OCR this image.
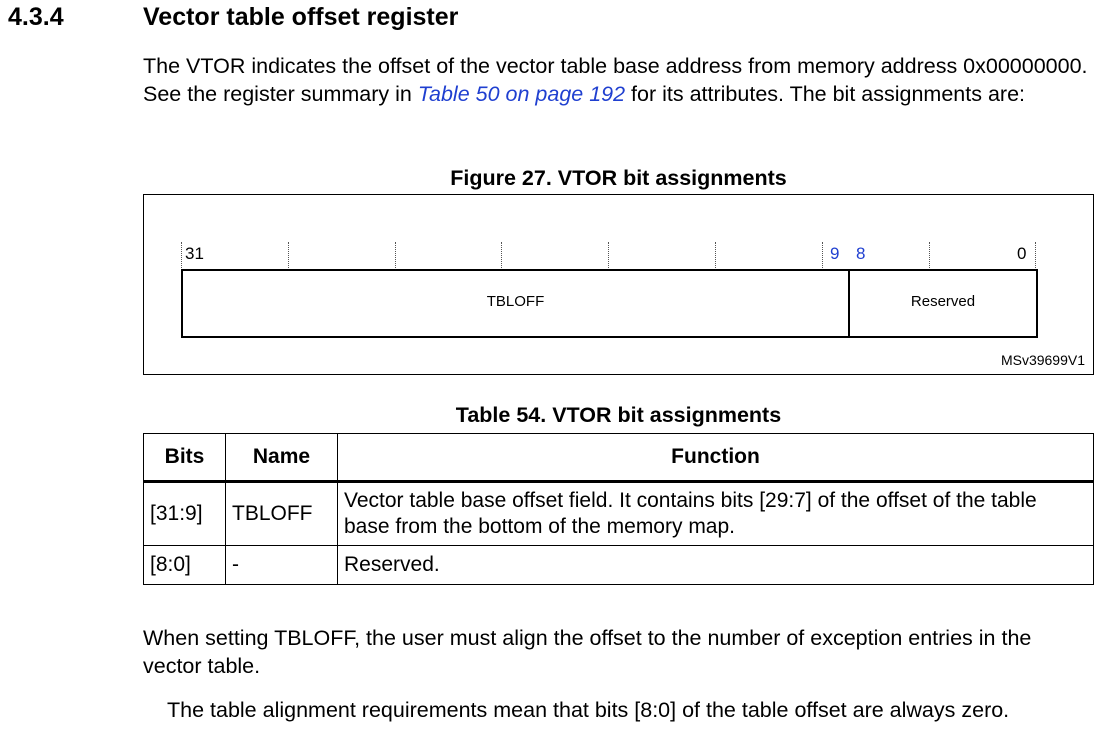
4.3.4	Vector table offset register
The VTOR indicates the offset of the vector table base address from memory address 0x00000000. See the register summary in Table 50 on page 192 for its attributes. The bit assignments are:
Figure 27. VTOR bit assignments
31	9 8	0
TBLOFF	Reserved
MSv39699V1
Table 54. VTOR bit assignments
Bits	Name	Function
[31:9]	TBLOFF	Vector table base offset field. It contains bits [29:7] of the offset of the table base from the bottom of the memory map.
[8:0]	-	Reserved.
When setting TBLOFF, the user must align the offset to the number of exception entries in the vector table.
The table alignment requirements mean that bits [8:0] of the table offset are always zero.
